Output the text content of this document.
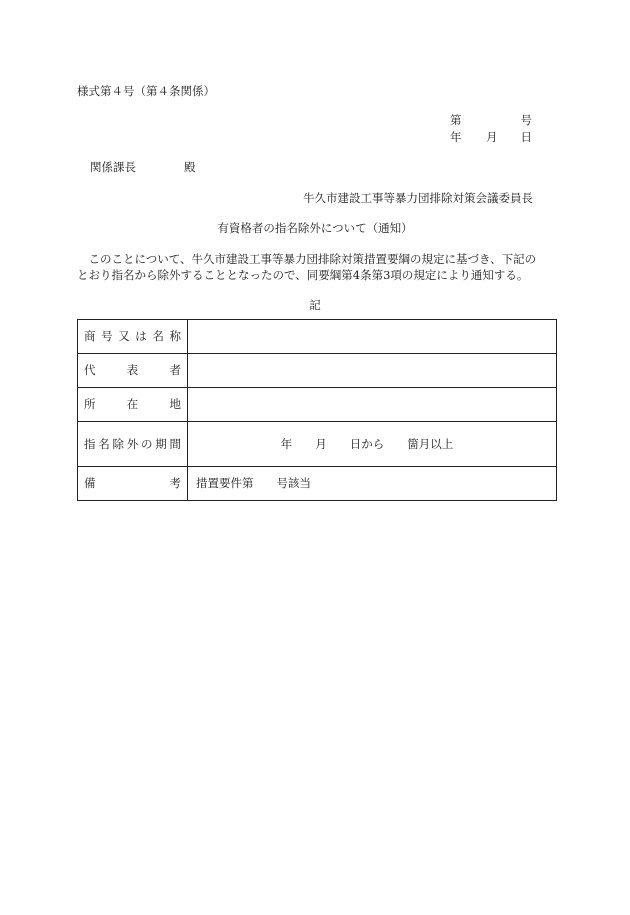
様式第４号（第４条関係）
第	号
年 月 日
関係課長	殿
牛久市建設工事等暴力団排除対策会議委員長
有資格者の指名除外について（通知）

　このことについて、牛久市建設工事等暴力団排除対策措置要綱の規定に基づき、下記の

とおり指名から除外することとなったので、同要綱第4条第3項の規定により通知する。

記
商号又は名称	
代表者	
所在地	
指名除外の期間	年　　月　　日から　　箇月以上
備考	措置要件第　　号該当
